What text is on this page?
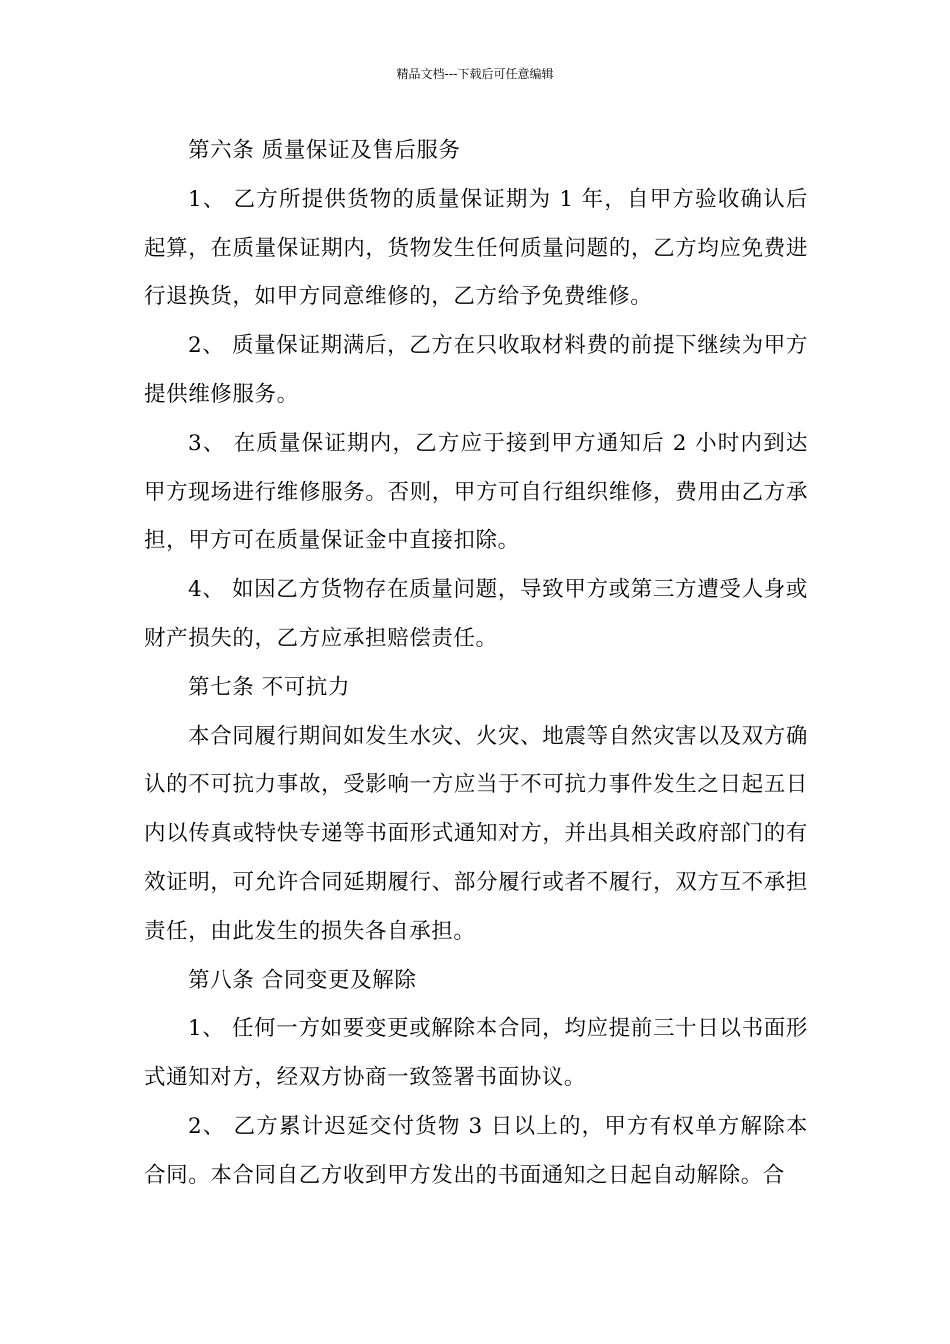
精品文档---下载后可任意编辑

第六条 质量保证及售后服务

1、 乙方所提供货物的质量保证期为 1 年，自甲方验收确认后起算，在质量保证期内，货物发生任何质量问题的，乙方均应免费进行退换货，如甲方同意维修的，乙方给予免费维修。

2、 质量保证期满后，乙方在只收取材料费的前提下继续为甲方提供维修服务。

3、 在质量保证期内，乙方应于接到甲方通知后 2 小时内到达甲方现场进行维修服务。否则，甲方可自行组织维修，费用由乙方承担，甲方可在质量保证金中直接扣除。

4、 如因乙方货物存在质量问题，导致甲方或第三方遭受人身或财产损失的，乙方应承担赔偿责任。

第七条 不可抗力

本合同履行期间如发生水灾、火灾、地震等自然灾害以及双方确认的不可抗力事故，受影响一方应当于不可抗力事件发生之日起五日内以传真或特快专递等书面形式通知对方，并出具相关政府部门的有效证明，可允许合同延期履行、部分履行或者不履行，双方互不承担责任，由此发生的损失各自承担。

第八条 合同变更及解除

1、 任何一方如要变更或解除本合同，均应提前三十日以书面形式通知对方，经双方协商一致签署书面协议。

2、 乙方累计迟延交付货物 3 日以上的，甲方有权单方解除本合同。本合同自乙方收到甲方发出的书面通知之日起自动解除。合
